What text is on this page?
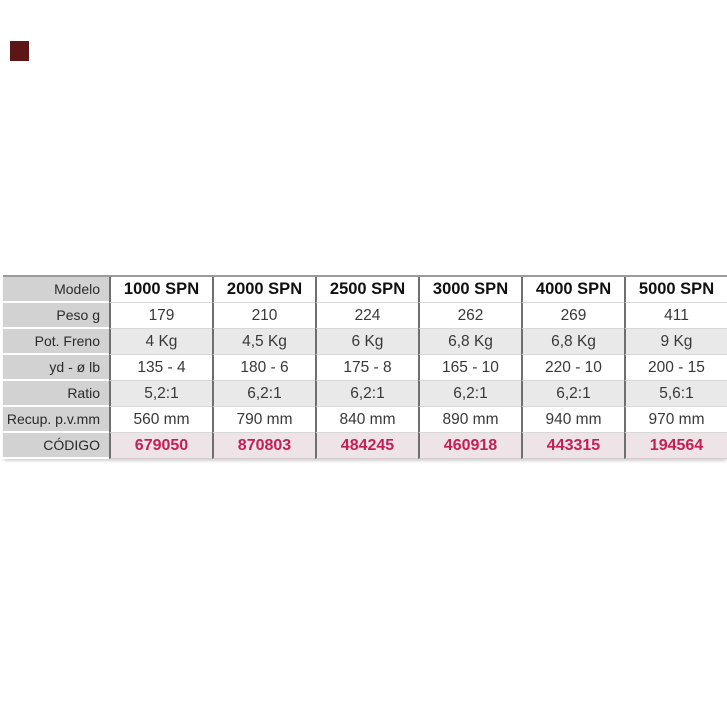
Modelo	1000 SPN	2000 SPN	2500 SPN	3000 SPN	4000 SPN	5000 SPN
Peso g	179	210	224	262	269	411
Pot. Freno	4 Kg	4,5 Kg	6 Kg	6,8 Kg	6,8 Kg	9 Kg
yd - ø lb	135 - 4	180 - 6	175 - 8	165 - 10	220 - 10	200 - 15
Ratio	5,2:1	6,2:1	6,2:1	6,2:1	6,2:1	5,6:1
Recup. p.v.mm	560 mm	790 mm	840 mm	890 mm	940 mm	970 mm
CÓDIGO	679050	870803	484245	460918	443315	194564
